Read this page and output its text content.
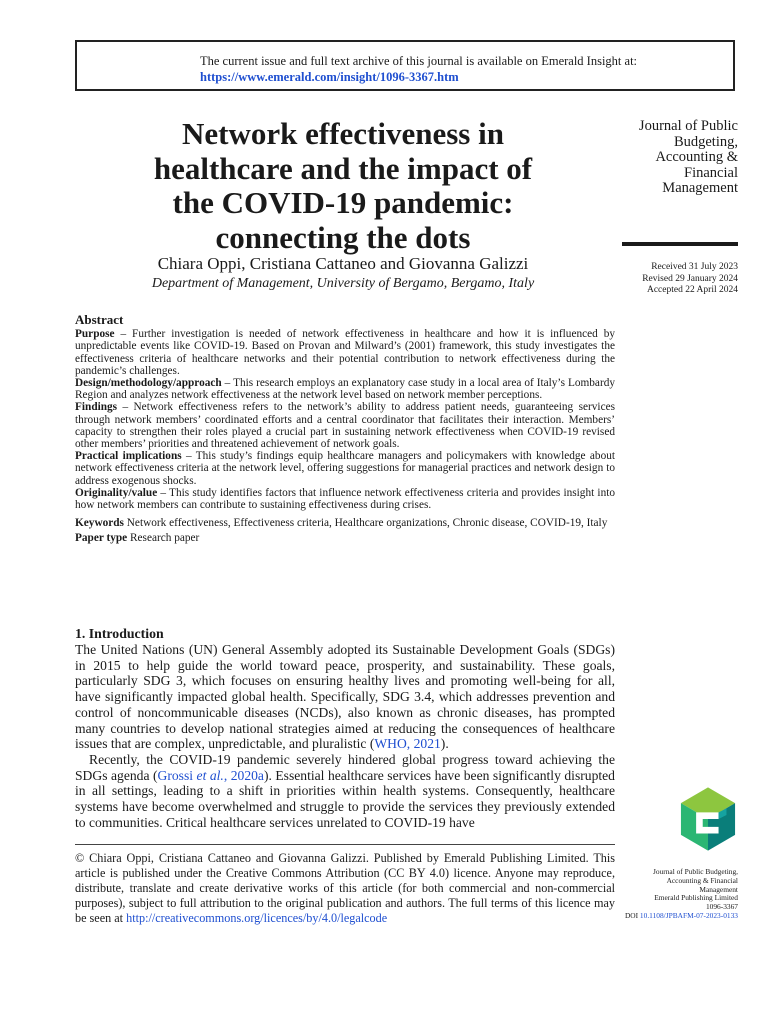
The current issue and full text archive of this journal is available on Emerald Insight at:
https://www.emerald.com/insight/1096-3367.htm
Network effectiveness in
healthcare and the impact of
the COVID-19 pandemic:
connecting the dots
Chiara Oppi, Cristiana Cattaneo and Giovanna Galizzi
Department of Management, University of Bergamo, Bergamo, Italy
Journal of Public
Budgeting,
Accounting &
Financial
Management
Received 31 July 2023
Revised 29 January 2024
Accepted 22 April 2024
Abstract

Purpose – Further investigation is needed of network effectiveness in healthcare and how it is influenced by unpredictable events like COVID-19. Based on Provan and Milward’s (2001) framework, this study investigates the effectiveness criteria of healthcare networks and their potential contribution to network effectiveness during the pandemic’s challenges.

Design/methodology/approach – This research employs an explanatory case study in a local area of Italy’s Lombardy Region and analyzes network effectiveness at the network level based on network member perceptions.

Findings – Network effectiveness refers to the network’s ability to address patient needs, guaranteeing services through network members’ coordinated efforts and a central coordinator that facilitates their interaction. Members’ capacity to strengthen their roles played a crucial part in sustaining network effectiveness when COVID-19 revised other members’ priorities and threatened achievement of network goals.

Practical implications – This study’s findings equip healthcare managers and policymakers with knowledge about network effectiveness criteria at the network level, offering suggestions for managerial practices and network design to address exogenous shocks.

Originality/value – This study identifies factors that influence network effectiveness criteria and provides insight into how network members can contribute to sustaining effectiveness during crises.

Keywords Network effectiveness, Effectiveness criteria, Healthcare organizations, Chronic disease, COVID-19, Italy

Paper type Research paper

1. Introduction

The United Nations (UN) General Assembly adopted its Sustainable Development Goals (SDGs) in 2015 to help guide the world toward peace, prosperity, and sustainability. These goals, particularly SDG 3, which focuses on ensuring healthy lives and promoting well-being for all, have significantly impacted global health. Specifically, SDG 3.4, which addresses prevention and control of noncommunicable diseases (NCDs), also known as chronic diseases, has prompted many countries to develop national strategies aimed at reducing the consequences of healthcare issues that are complex, unpredictable, and pluralistic (WHO, 2021).

Recently, the COVID-19 pandemic severely hindered global progress toward achieving the SDGs agenda (Grossi et al., 2020a). Essential healthcare services have been significantly disrupted in all settings, leading to a shift in priorities within health systems. Consequently, healthcare systems have become overwhelmed and struggle to provide the services they previously extended to communities. Critical healthcare services unrelated to COVID-19 have

© Chiara Oppi, Cristiana Cattaneo and Giovanna Galizzi. Published by Emerald Publishing Limited. This article is published under the Creative Commons Attribution (CC BY 4.0) licence. Anyone may reproduce, distribute, translate and create derivative works of this article (for both commercial and non-commercial purposes), subject to full attribution to the original publication and authors. The full terms of this licence may be seen at http://creativecommons.org/licences/by/4.0/legalcode
Journal of Public Budgeting,
Accounting & Financial
Management
Emerald Publishing Limited
1096-3367
DOI 10.1108/JPBAFM-07-2023-0133
